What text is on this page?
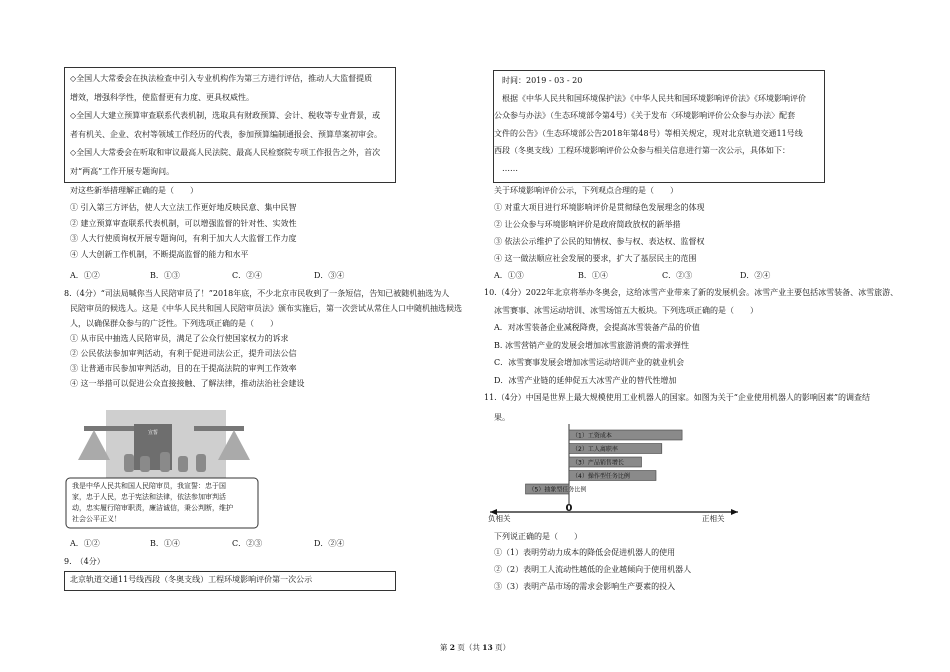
◇全国人大常委会在执法检查中引入专业机构作为第三方进行评估，推动人大监督提质
增效，增强科学性，使监督更有力度、更具权威性。
◇全国人大建立预算审查联系代表机制，选取具有财政预算、会计、税收等专业背景，或
者有机关、企业、农村等领域工作经历的代表，参加预算编制通报会、预算草案初审会。
◇全国人大常委会在听取和审议最高人民法院、最高人民检察院专项工作报告之外，首次
对“两高”工作开展专题询问。
对这些新举措理解正确的是（　　）
① 引入第三方评估，使人大立法工作更好地反映民意、集中民智
② 建立预算审查联系代表机制，可以增强监督的针对性、实效性
③ 人大行使质询权开展专题询问，有利于加大人大监督工作力度
④ 人大创新工作机制，不断提高监督的能力和水平
A．①②	B．①③	C．②④	D．③④
8.（4分）“司法局喊你当人民陪审员了！”2018年底，不少北京市民收到了一条短信，告知已被随机抽选为人
民陪审员的候选人。这是《中华人民共和国人民陪审员法》颁布实施后，第一次尝试从常住人口中随机抽选候选
人，以确保群众参与的广泛性。下列选项正确的是（　　）
① 从市民中抽选人民陪审员，满足了公众行使国家权力的诉求
② 公民依法参加审判活动，有利于促进司法公正，提升司法公信
③ 让普通市民参加审判活动，目的在于提高法院的审判工作效率
④ 这一举措可以促进公众直接接触、了解法律，推动法治社会建设
宣誓
我是中华人民共和国人民陪审员，我宣誓：忠于国 家，忠于人民，忠于宪法和法律，依法参加审判活 动，忠实履行陪审职责，廉洁诚信，秉公判断，维护 社会公平正义！
A．①②	B．①④	C．②③	D．②④
9.　（4分）
北京轨道交通11号线西段（冬奥支线）工程环境影响评价第一次公示
时间：2019 - 03 - 20
根据《中华人民共和国环境保护法》《中华人民共和国环境影响评价法》《环境影响评价
公众参与办法》（生态环境部令第4号）《关于发布〈环境影响评价公众参与办法〉配套
文件的公告》（生态环境部公告2018年第48号）等相关规定，现对北京轨道交通11号线
西段（冬奥支线）工程环境影响评价公众参与相关信息进行第一次公示，具体如下：
……
关于环境影响评价公示，下列观点合理的是（　　）
① 对重大项目进行环境影响评价是贯彻绿色发展理念的体现
② 让公众参与环境影响评价是政府简政放权的新举措
③ 依法公示维护了公民的知情权、参与权、表达权、监督权
④ 这一做法顺应社会发展的要求，扩大了基层民主的范围
A．①③	B．①④	C．②③	D．②④
10.（4分）2022年北京将举办冬奥会，这给冰雪产业带来了新的发展机会。冰雪产业主要包括冰雪装备、冰雪旅游、
冰雪赛事、冰雪运动培训、冰雪场馆五大板块。下列选项正确的是（　　）
A．对冰雪装备企业减税降费，会提高冰雪装备产品的价值
B. 冰雪营销产业的发展会增加冰雪旅游消费的需求弹性
C．冰雪赛事发展会增加冰雪运动培训产业的就业机会
D．冰雪产业链的延伸促五大冰雪产业的替代性增加
11.（4分）中国是世界上最大规模使用工业机器人的国家。如图为关于“企业使用机器人的影响因素”的调查结
果。
（1）工资成本
（2）工人离职率
（3）产品销售增长
（4）操作型任务比例
（5）抽象型任务比例
0
负相关	正相关
下列说正确的是（　　）
①（1）表明劳动力成本的降低会促进机器人的使用
②（2）表明工人流动性越低的企业越倾向于使用机器人
③（3）表明产品市场的需求会影响生产要素的投入
第 2 页（共 13 页）
